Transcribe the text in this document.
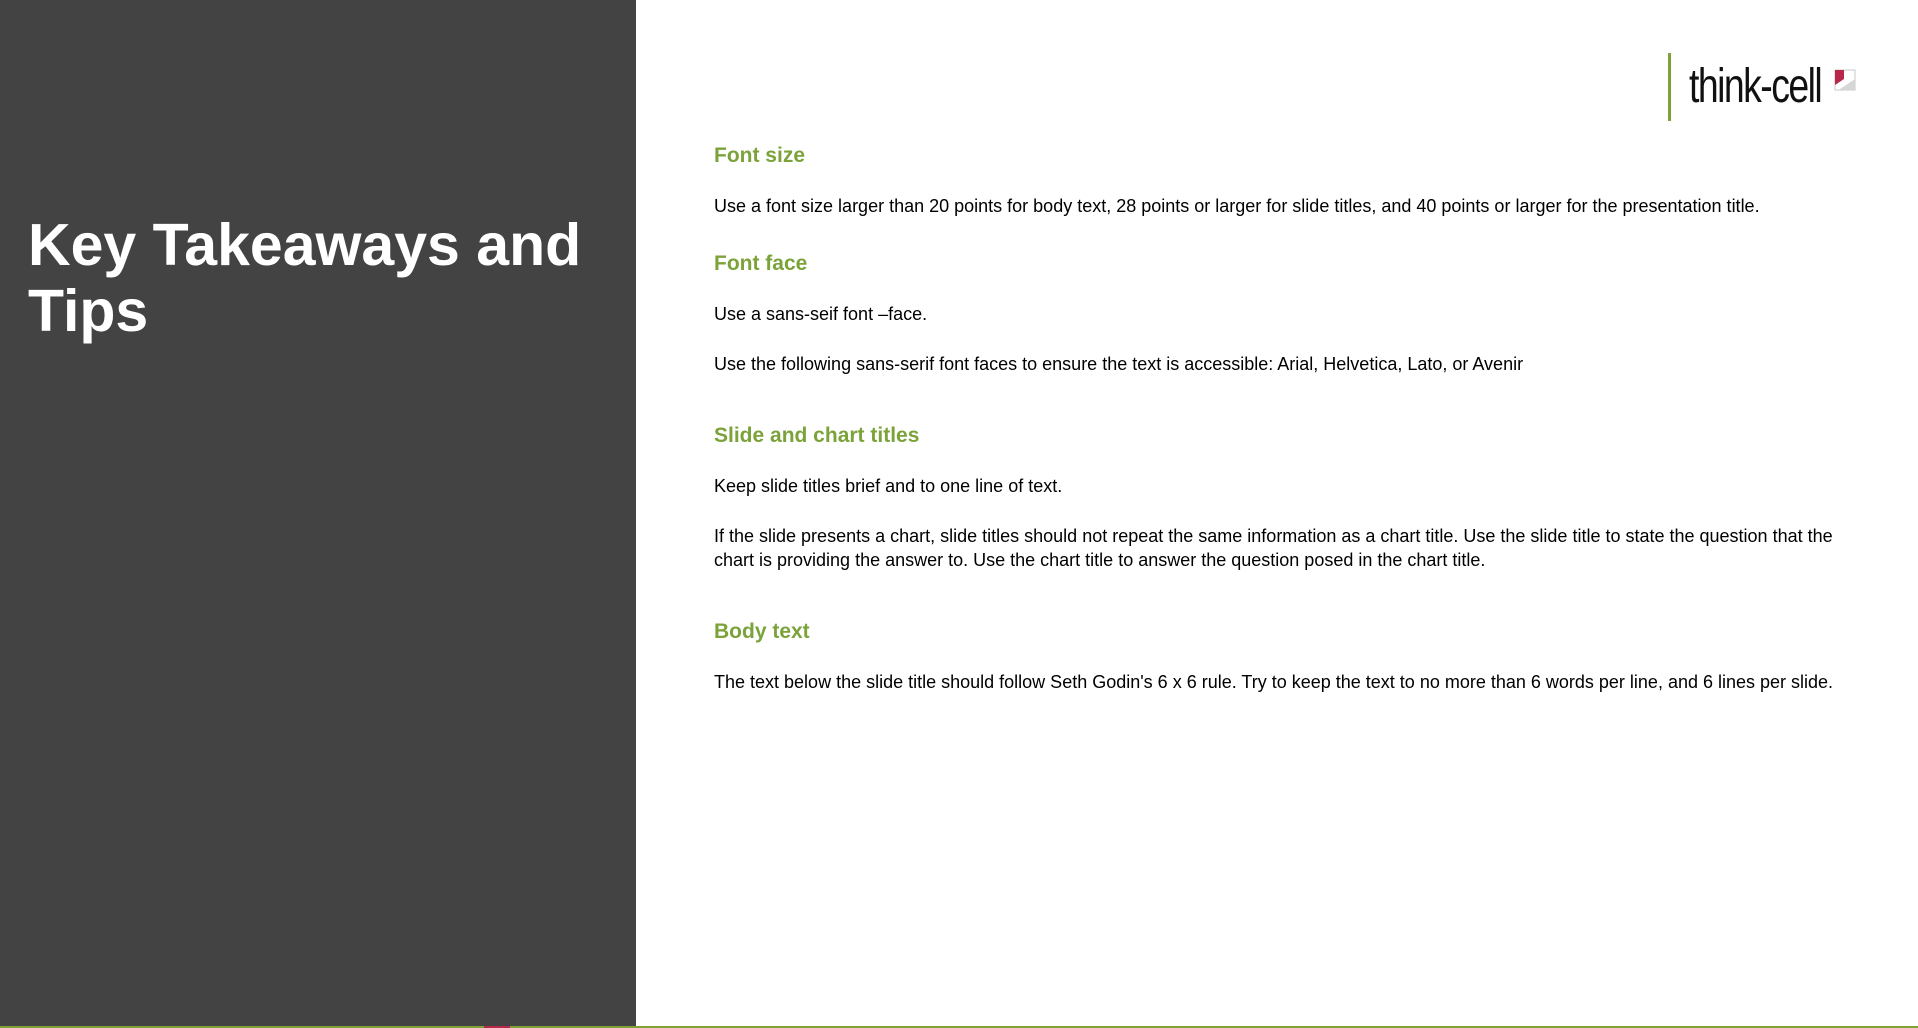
Key Takeaways and Tips
think-cell
Font size

Use a font size larger than 20 points for body text, 28 points or larger for slide titles, and 40 points or larger for the presentation title.

Font face

Use a sans-seif font –face.

Use the following sans-serif font faces to ensure the text is accessible: Arial, Helvetica, Lato, or Avenir

Slide and chart titles

Keep slide titles brief and to one line of text.

If the slide presents a chart, slide titles should not repeat the same information as a chart title. Use the slide title to state the question that the chart is providing the answer to. Use the chart title to answer the question posed in the chart title.

Body text

The text below the slide title should follow Seth Godin's 6 x 6 rule. Try to keep the text to no more than 6 words per line, and 6 lines per slide.
